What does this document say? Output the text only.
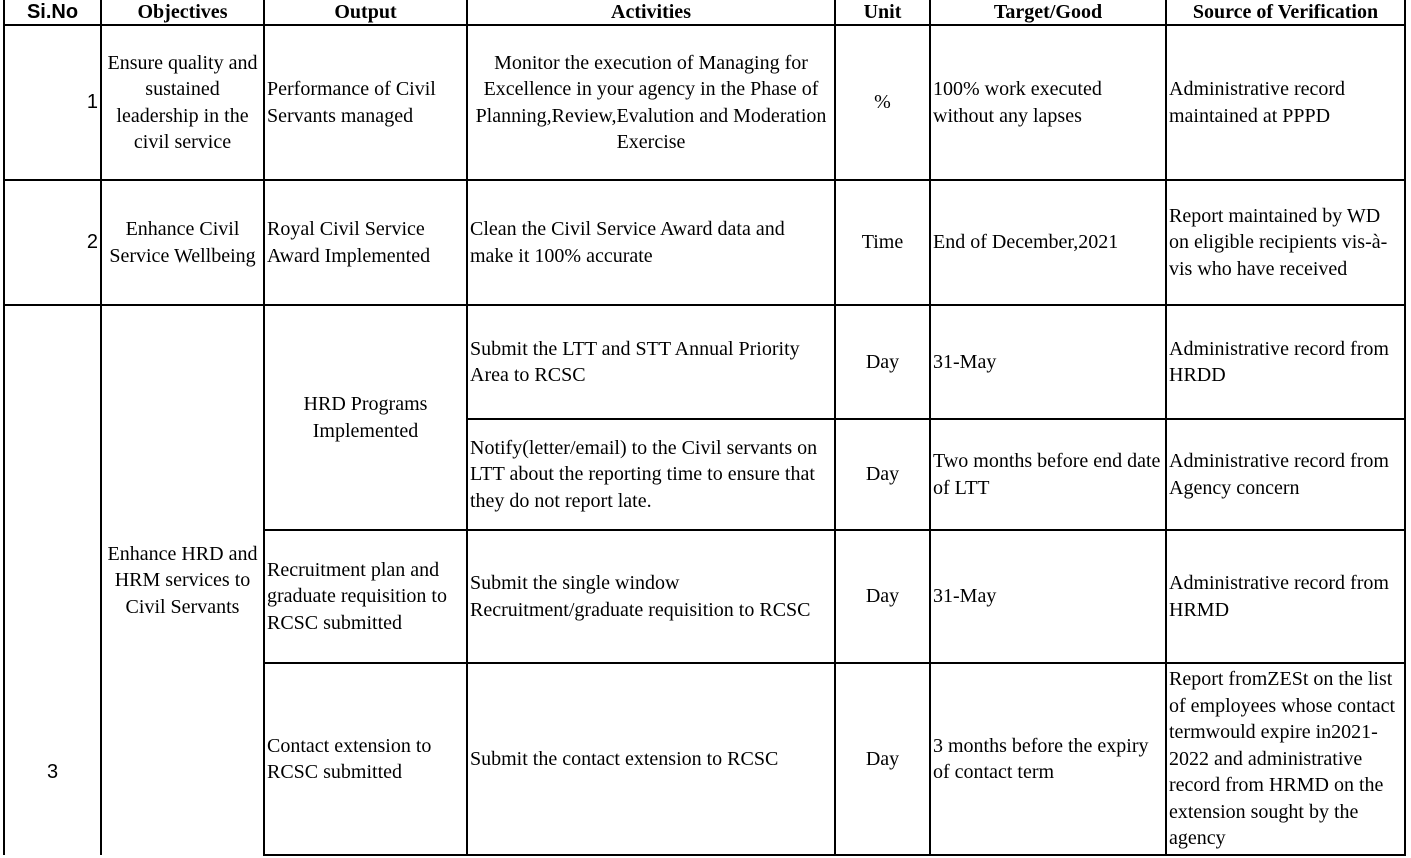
Si.No	Objectives	Output	Activities	Unit	Target/Good	Source of Verification
1	Ensure quality and sustained leadership in the civil service	Performance of Civil Servants managed	Monitor the execution of Managing for Excellence in your agency in the Phase of Planning,Review,Evalution and Moderation Exercise	%	100% work executed without any lapses	Administrative record maintained at PPPD
2	Enhance Civil Service Wellbeing	Royal Civil Service Award Implemented	Clean the Civil Service Award data and make it 100% accurate	Time	End of December,2021	Report maintained by WD on eligible recipients vis-à-vis who have received
3	Enhance HRD and HRM services to Civil Servants	HRD Programs Implemented	Submit the LTT and STT Annual Priority Area to RCSC	Day	31-May	Administrative record from HRDD
			Notify(letter/email) to the Civil servants on LTT about the reporting time to ensure that they do not report late.	Day	Two months before end date of LTT	Administrative record from Agency concern
		Recruitment plan and graduate requisition to RCSC submitted	Submit the single window Recruitment/graduate requisition to RCSC	Day	31-May	Administrative record from HRMD
		Contact extension to RCSC submitted	Submit the contact extension to RCSC	Day	3 months before the expiry of contact term	Report fromZESt on the list of employees whose contact termwould expire in2021-2022 and administrative record from HRMD on the extension sought by the agency
